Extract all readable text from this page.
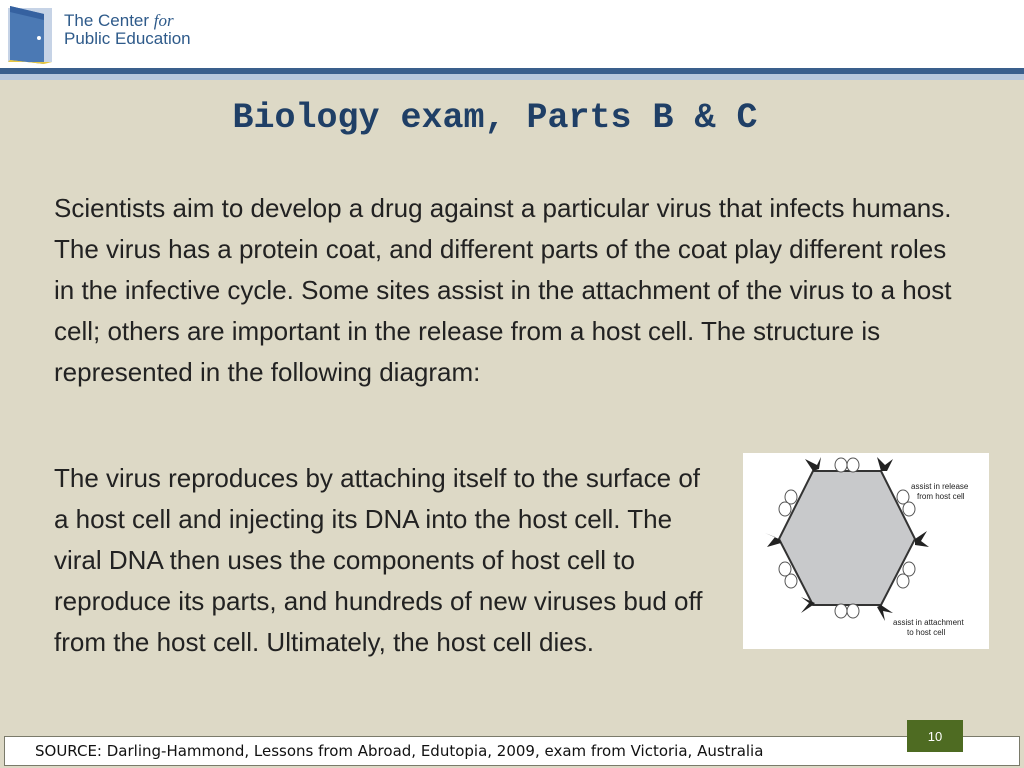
The Center for
Public Education
Biology exam, Parts B & C
Scientists aim to develop a drug against a particular virus that infects humans. The virus has a protein coat, and different parts of the coat play different roles in the infective cycle. Some sites assist in the attachment of the virus to a host cell; others are important in the release from a host cell. The structure is represented in the following diagram:
The virus reproduces by attaching itself to the surface of a host cell and injecting its DNA into the host cell. The viral DNA then uses the components of host cell to reproduce its parts, and hundreds of new viruses bud off from the host cell. Ultimately, the host cell dies.
assist in release
from host cell
assist in attachment
to host cell
SOURCE: Darling-Hammond, Lessons from Abroad, Edutopia, 2009, exam from Victoria, Australia
10
